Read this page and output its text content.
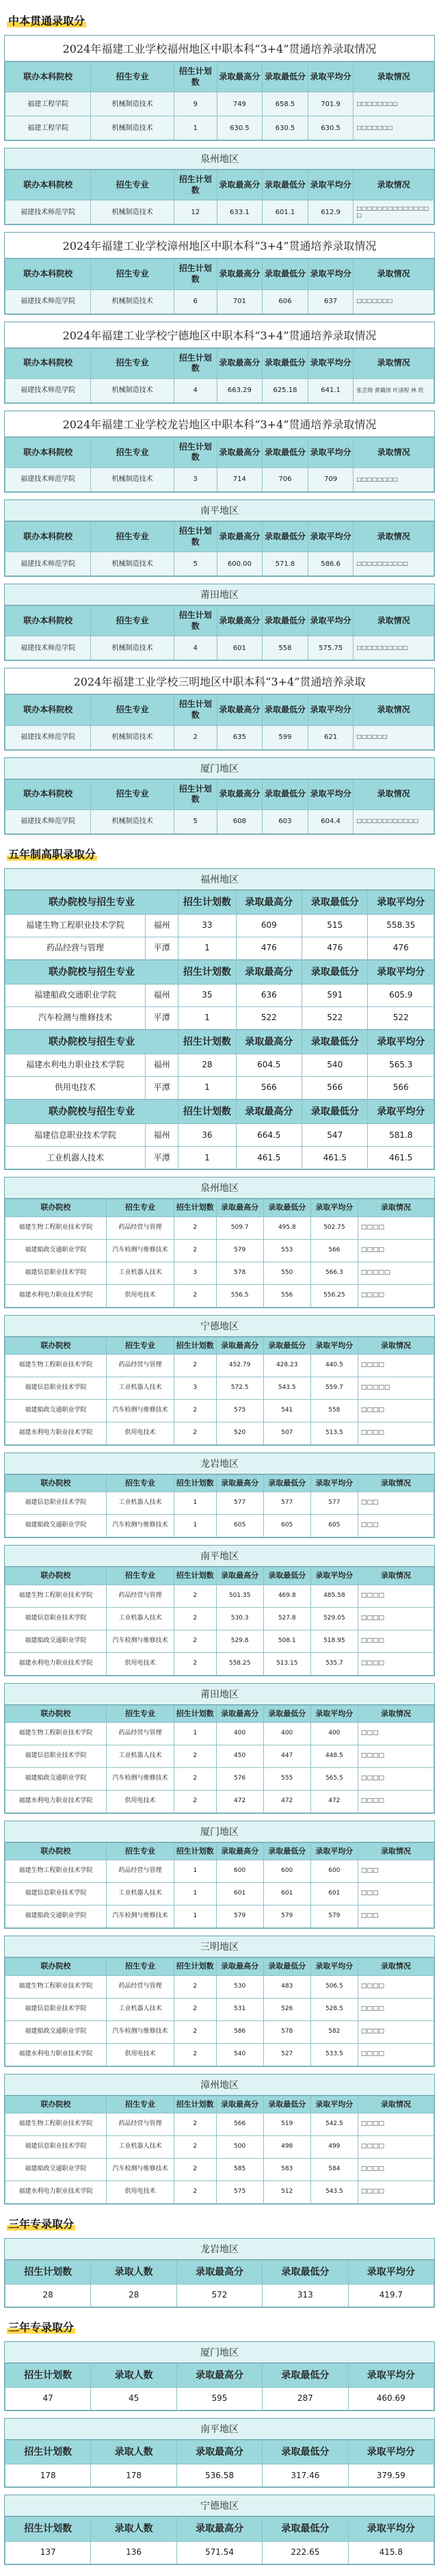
中本贯通录取分
2024年福建工业学校福州地区中职本科“3+4”贯通培养录取情况
联办本科院校	招生专业	招生计划数	录取最高分	录取最低分	录取平均分	录取情况
福建工程学院	机械制造技术	9	749	658.5	701.9	□□□□□□□□
福建工程学院	机械制造技术	1	630.5	630.5	630.5	□□□□□□□
泉州地区
联办本科院校	招生专业	招生计划数	录取最高分	录取最低分	录取平均分	录取情况
福建技术师范学院	机械制造技术	12	633.1	601.1	612.9	□□□□□□□□□□□□□□□
2024年福建工业学校漳州地区中职本科“3+4”贯通培养录取情况
联办本科院校	招生专业	招生计划数	录取最高分	录取最低分	录取平均分	录取情况
福建技术师范学院	机械制造技术	6	701	606	637	□□□□□□□
2024年福建工业学校宁德地区中职本科“3+4”贯通培养录取情况
联办本科院校	招生专业	招生计划数	录取最高分	录取最低分	录取平均分	录取情况
福建技术师范学院	机械制造技术	4	663.29	625.18	641.1	张芸绮 黄璐涛 叶清程 林 欣
2024年福建工业学校龙岩地区中职本科“3+4”贯通培养录取情况
联办本科院校	招生专业	招生计划数	录取最高分	录取最低分	录取平均分	录取情况
福建技术师范学院	机械制造技术	3	714	706	709	□□□□□□□□
南平地区
联办本科院校	招生专业	招生计划数	录取最高分	录取最低分	录取平均分	录取情况
福建技术师范学院	机械制造技术	5	600.00	571.8	586.6	□□□□□□□□□□
莆田地区
联办本科院校	招生专业	招生计划数	录取最高分	录取最低分	录取平均分	录取情况
福建技术师范学院	机械制造技术	4	601	558	575.75	□□□□□□□□□□
2024年福建工业学校三明地区中职本科“3+4”贯通培养录取
联办本科院校	招生专业	招生计划数	录取最高分	录取最低分	录取平均分	录取情况
福建技术师范学院	机械制造技术	2	635	599	621	□□□□□□
厦门地区
联办本科院校	招生专业	招生计划数	录取最高分	录取最低分	录取平均分	录取情况
福建技术师范学院	机械制造技术	5	608	603	604.4	□□□□□□□□□□□□
五年制高职录取分
福州地区
联办院校与招生专业		招生计划数	录取最高分	录取最低分	录取平均分
福建生物工程职业技术学院	福州	33	609	515	558.35
药品经营与管理	平潭	1	476	476	476
联办院校与招生专业		招生计划数	录取最高分	录取最低分	录取平均分
福建船政交通职业学院	福州	35	636	591	605.9
汽车检测与维修技术	平潭	1	522	522	522
联办院校与招生专业		招生计划数	录取最高分	录取最低分	录取平均分
福建水利电力职业技术学院	福州	28	604.5	540	565.3
供用电技术	平潭	1	566	566	566
联办院校与招生专业		招生计划数	录取最高分	录取最低分	录取平均分
福建信息职业技术学院	福州	36	664.5	547	581.8
工业机器人技术	平潭	1	461.5	461.5	461.5
泉州地区
联办院校	招生专业	招生计划数	录取最高分	录取最低分	录取平均分	录取情况
福建生物工程职业技术学院	药品经营与管理	2	509.7	495.8	502.75	□□□□
福建船政交通职业学院	汽车检测与维修技术	2	579	553	566	□□□□
福建信息职业技术学院	工业机器人技术	3	578	550	566.3	□□□□□
福建水利电力职业技术学院	供用电技术	2	556.5	556	556.25	□□□□
宁德地区
联办院校	招生专业	招生计划数	录取最高分	录取最低分	录取平均分	录取情况
福建生物工程职业技术学院	药品经营与管理	2	452.79	428.23	440.5	□□□□
福建信息职业技术学院	工业机器人技术	3	572.5	543.5	559.7	□□□□□
福建船政交通职业学院	汽车检测与维修技术	2	575	541	558	□□□□
福建水利电力职业技术学院	供用电技术	2	520	507	513.5	□□□□
龙岩地区
联办院校	招生专业	招生计划数	录取最高分	录取最低分	录取平均分	录取情况
福建信息职业技术学院	工业机器人技术	1	577	577	577	□□□
福建船政交通职业学院	汽车检测与维修技术	1	605	605	605	□□□
南平地区
联办院校	招生专业	招生计划数	录取最高分	录取最低分	录取平均分	录取情况
福建生物工程职业技术学院	药品经营与管理	2	501.35	469.8	485.58	□□□□
福建信息职业技术学院	工业机器人技术	2	530.3	527.8	529.05	□□□□
福建船政交通职业学院	汽车检测与维修技术	2	529.8	508.1	518.95	□□□□
福建水利电力职业技术学院	供用电技术	2	558.25	513.15	535.7	□□□□
莆田地区
联办院校	招生专业	招生计划数	录取最高分	录取最低分	录取平均分	录取情况
福建生物工程职业技术学院	药品经营与管理	1	400	400	400	□□□
福建信息职业技术学院	工业机器人技术	2	450	447	448.5	□□□□
福建船政交通职业学院	汽车检测与维修技术	2	576	555	565.5	□□□□
福建水利电力职业技术学院	供用电技术	2	472	472	472	□□□□
厦门地区
联办院校	招生专业	招生计划数	录取最高分	录取最低分	录取平均分	录取情况
福建生物工程职业技术学院	药品经营与管理	1	600	600	600	□□□
福建信息职业技术学院	工业机器人技术	1	601	601	601	□□□
福建船政交通职业学院	汽车检测与维修技术	1	579	579	579	□□□
三明地区
联办院校	招生专业	招生计划数	录取最高分	录取最低分	录取平均分	录取情况
福建生物工程职业技术学院	药品经营与管理	2	530	483	506.5	□□□□
福建信息职业技术学院	工业机器人技术	2	531	526	528.5	□□□□
福建船政交通职业学院	汽车检测与维修技术	2	586	578	582	□□□□
福建水利电力职业技术学院	供用电技术	2	540	527	533.5	□□□□
漳州地区
联办院校	招生专业	招生计划数	录取最高分	录取最低分	录取平均分	录取情况
福建生物工程职业技术学院	药品经营与管理	2	566	519	542.5	□□□□
福建信息职业技术学院	工业机器人技术	2	500	498	499	□□□□
福建船政交通职业学院	汽车检测与维修技术	2	585	583	584	□□□□
福建水利电力职业技术学院	供用电技术	2	575	512	543.5	□□□□
三年专录取分
龙岩地区
招生计划数	录取人数	录取最高分	录取最低分	录取平均分
28	28	572	313	419.7
三年专录取分
厦门地区
招生计划数	录取人数	录取最高分	录取最低分	录取平均分
47	45	595	287	460.69
南平地区
招生计划数	录取人数	录取最高分	录取最低分	录取平均分
178	178	536.58	317.46	379.59
宁德地区
招生计划数	录取人数	录取最高分	录取最低分	录取平均分
137	136	571.54	222.65	415.8
